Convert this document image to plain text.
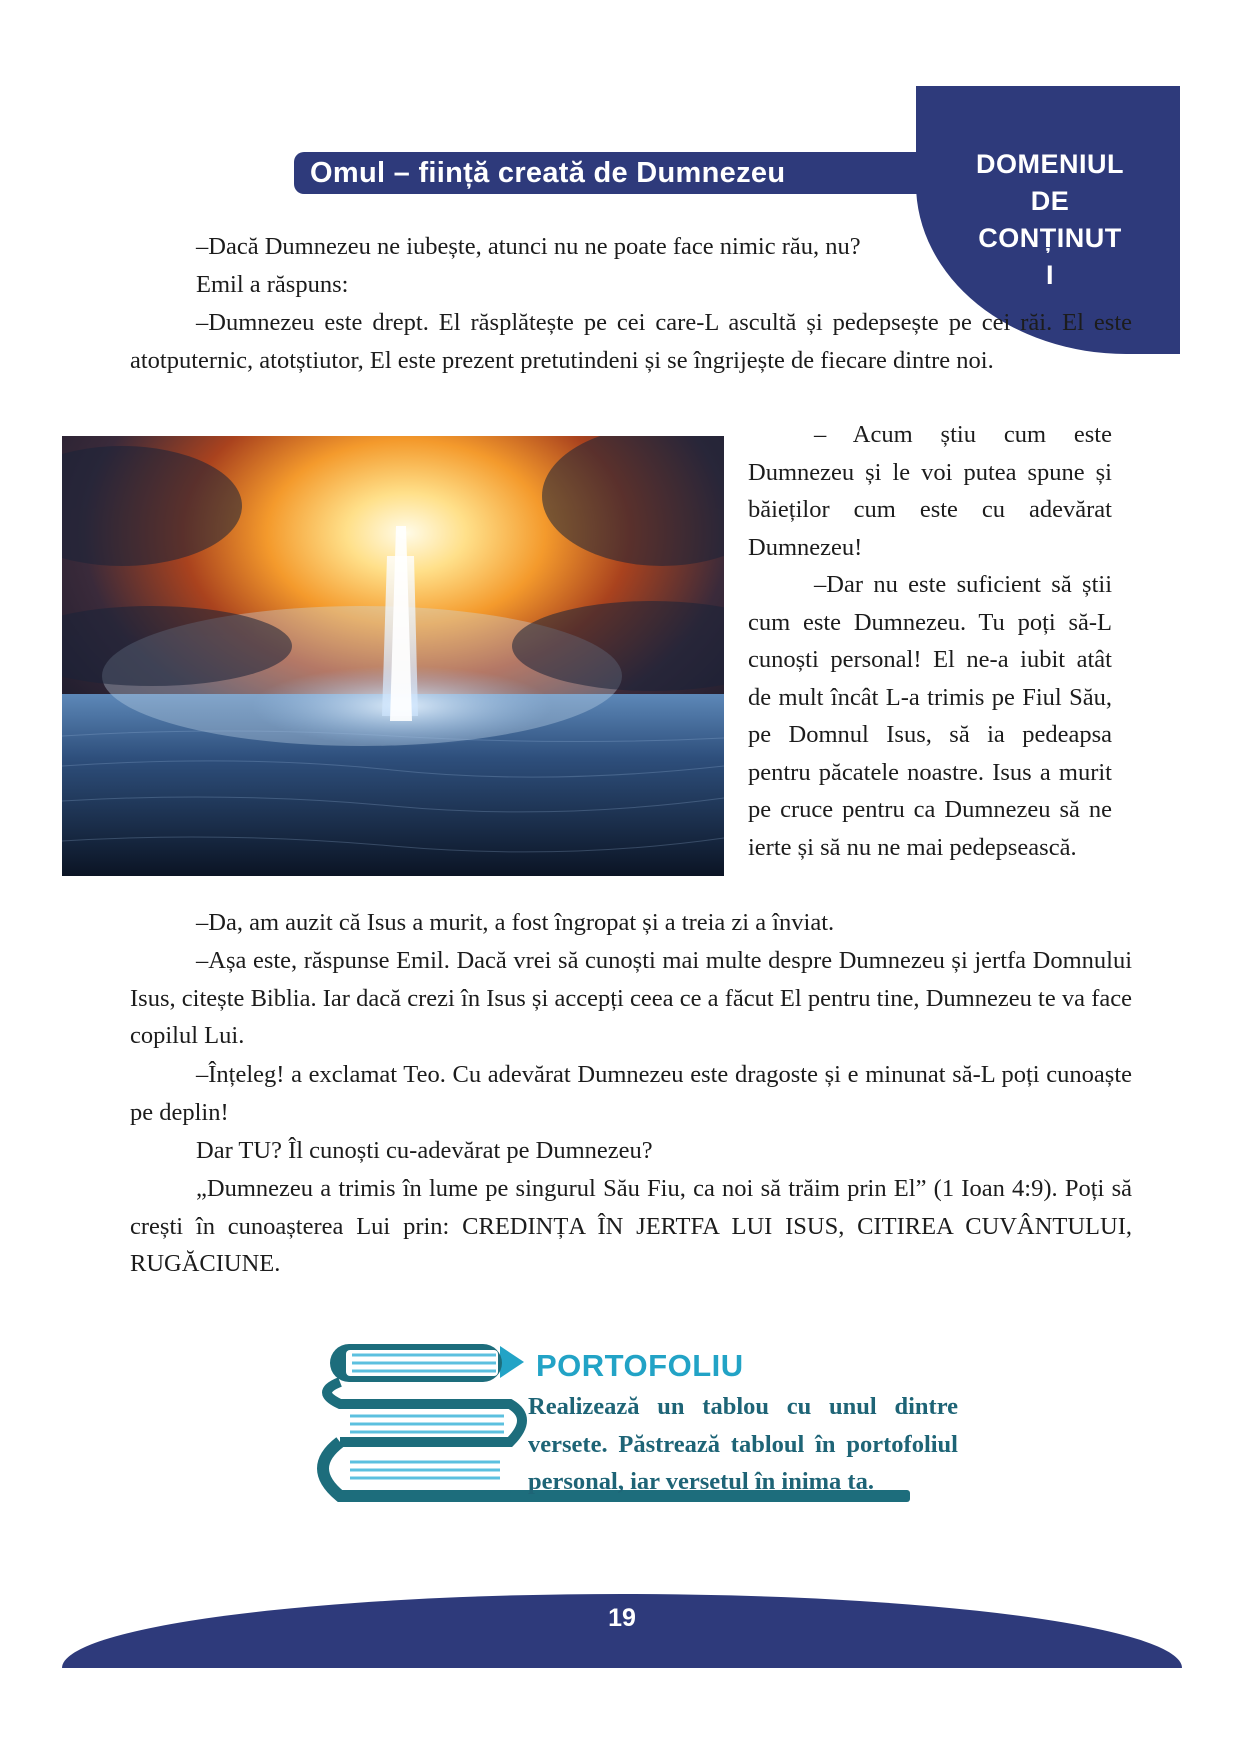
DOMENIUL
DE
CONȚINUT
I
Omul – ființă creată de Dumnezeu

–Dacă Dumnezeu ne iubește, atunci nu ne poate face nimic rău, nu?

Emil a răspuns:

–Dumnezeu este drept. El răsplătește pe cei care-L ascultă și pedepsește pe cei răi. El este atotputernic, atotștiutor, El este prezent pretutindeni și se îngrijește de fiecare dintre noi.

– Acum știu cum este Dumnezeu și le voi putea spune și băieților cum este cu adevărat Dumnezeu!

–Dar nu este suficient să știi cum este Dumnezeu. Tu poți să-L cunoști personal! El ne-a iubit atât de mult încât L-a trimis pe Fiul Său, pe Domnul Isus, să ia pedeapsa pentru păcatele noastre. Isus a murit pe cruce pentru ca Dumnezeu să ne ierte și să nu ne mai pedepsească.

–Da, am auzit că Isus a murit, a fost îngropat și a treia zi a înviat.

–Așa este, răspunse Emil. Dacă vrei să cunoști mai multe despre Dumnezeu și jertfa Domnului Isus, citește Biblia. Iar dacă crezi în Isus și accepți ceea ce a făcut El pentru tine, Dumnezeu te va face copilul Lui.

–Înțeleg! a exclamat Teo. Cu adevărat Dumnezeu este dragoste și e minunat să-L poți cunoaște pe deplin!

Dar TU? Îl cunoști cu-adevărat pe Dumnezeu?

„Dumnezeu a trimis în lume pe singurul Său Fiu, ca noi să trăim prin El” (1 Ioan 4:9). Poți să crești în cunoașterea Lui prin: CREDINȚA ÎN JERTFA LUI ISUS, CITIREA CUVÂNTULUI, RUGĂCIUNE.

PORTOFOLIU
Realizează un tablou cu unul dintre versete. Păstrează tabloul în portofoliul personal, iar versetul în inima ta.
19
